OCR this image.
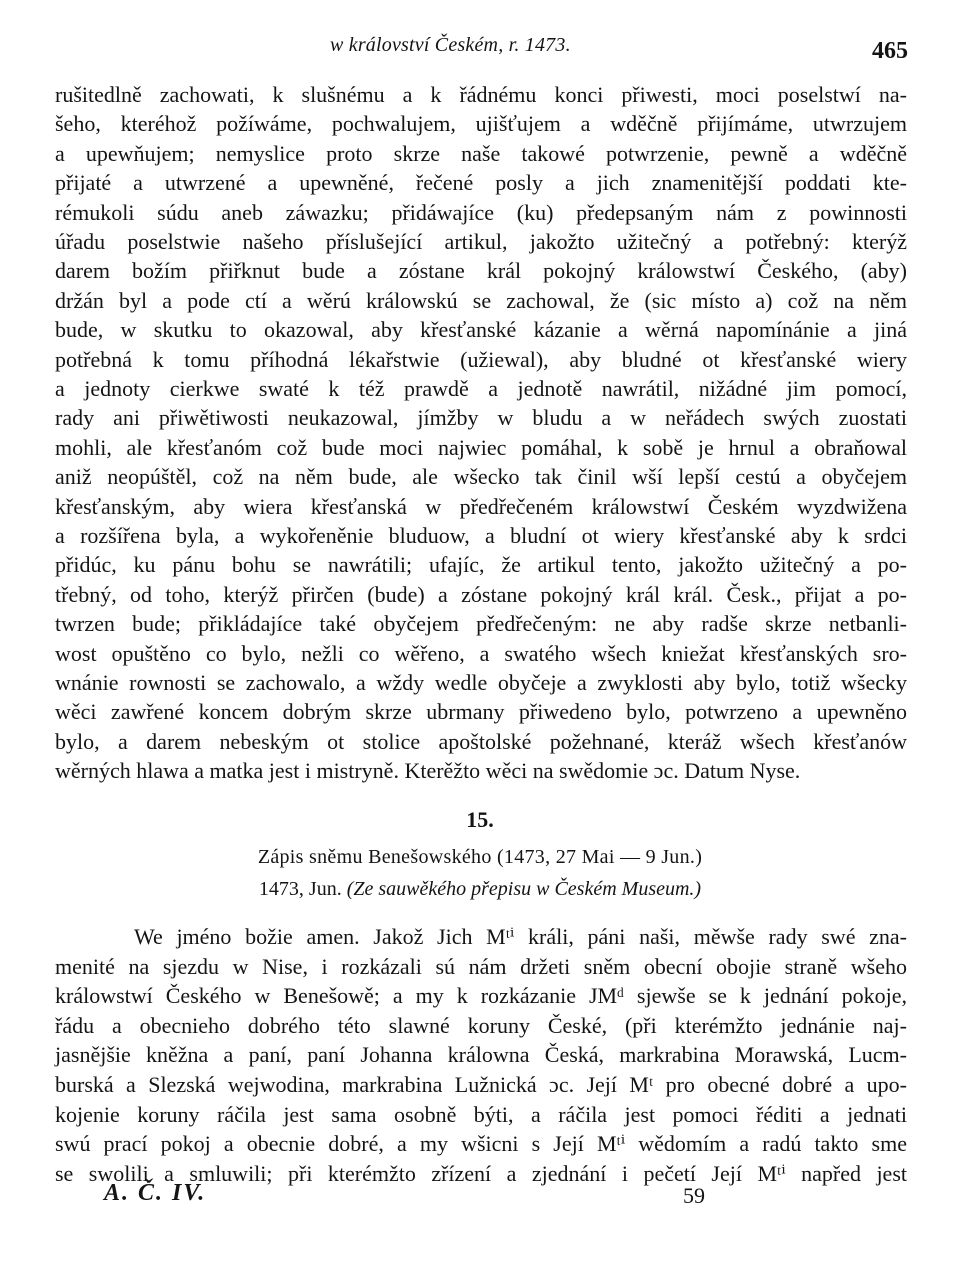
w království Českém, r. 1473.	465
rušitedlně zachowati, k slušnému a k řádnému konci přiwesti, moci poselstwí na-
šeho, kteréhož požíwáme, pochwalujem, ujišťujem a wděčně přijímáme, utwrzujem
a upewňujem; nemyslice proto skrze naše takowé potwrzenie, pewně a wděčně
přijaté a utwrzené a upewněné, řečené posly a jich znamenitější poddati kte-
rémukoli súdu aneb záwazku; přidáwajíce (ku) předepsaným nám z powinnosti
úřadu poselstwie našeho příslušející artikul, jakožto užitečný a potřebný: kterýž
darem božím přiřknut bude a zóstane král pokojný králowstwí Českého, (aby)
držán byl a pode ctí a wěrú králowskú se zachowal, že (sic místo a) což na něm
bude, w skutku to okazowal, aby křesťanské kázanie a wěrná napomínánie a jiná
potřebná k tomu příhodná lékařstwie (užiewal), aby bludné ot křesťanské wiery
a jednoty cierkwe swaté k též prawdě a jednotě nawrátil, nižádné jim pomocí,
rady ani přiwětiwosti neukazowal, jímžby w bludu a w neřádech swých zuostati
mohli, ale křesťanóm což bude moci najwiec pomáhal, k sobě je hrnul a obraňowal
aniž neopúštěl, což na něm bude, ale wšecko tak činil wší lepší cestú a obyčejem
křesťanským, aby wiera křesťanská w předřečeném králowstwí Českém wyzdwižena
a rozšířena byla, a wykořeněnie bluduow, a bludní ot wiery křesťanské aby k srdci
přidúc, ku pánu bohu se nawrátili; ufajíc, že artikul tento, jakožto užitečný a po-
třebný, od toho, kterýž přirčen (bude) a zóstane pokojný král král. Česk., přijat a po-
twrzen bude; přikládajíce také obyčejem předřečeným: ne aby radše skrze netbanli-
wost opuštěno co bylo, nežli co wěřeno, a swatého wšech kniežat křesťanských sro-
wnánie rownosti se zachowalo, a wždy wedle obyčeje a zwyklosti aby bylo, totiž wšecky
wěci zawřené koncem dobrým skrze ubrmany přiwedeno bylo, potwrzeno a upewněno
bylo, a darem nebeským ot stolice apoštolské požehnané, kteráž wšech křesťanów
wěrných hlawa a matka jest i mistryně. Kterěžto wěci na swědomie ɔc. Datum Nyse.
15.
Zápis sněmu Benešowského (1473, 27 Mai — 9 Jun.)
1473, Jun. (Ze sauwěkého přepisu w Českém Museum.)
We jméno božie amen. Jakož Jich Mᵗⁱ králi, páni naši, měwše rady swé zna-
menité na sjezdu w Nise, i rozkázali sú nám držeti sněm obecní obojie straně wšeho
králowstwí Českého w Benešowě; a my k rozkázanie JMᵈ sjewše se k jednání pokoje,
řádu a obecnieho dobrého této slawné koruny České, (při kterémžto jednánie naj-
jasnějšie kněžna a paní, paní Johanna králowna Česká, markrabina Morawská, Lucm-
burská a Slezská wejwodina, markrabina Lužnická ɔc. Její Mᵗ pro obecné dobré a upo-
kojenie koruny ráčila jest sama osobně býti, a ráčila jest pomoci řéditi a jednati
swú prací pokoj a obecnie dobré, a my wšicni s Její Mᵗⁱ wědomím a radú takto sme
se swolili a smluwili; při kterémžto zřízení a zjednání i pečetí Její Mᵗⁱ napřed jest
A. Č. IV.	59
